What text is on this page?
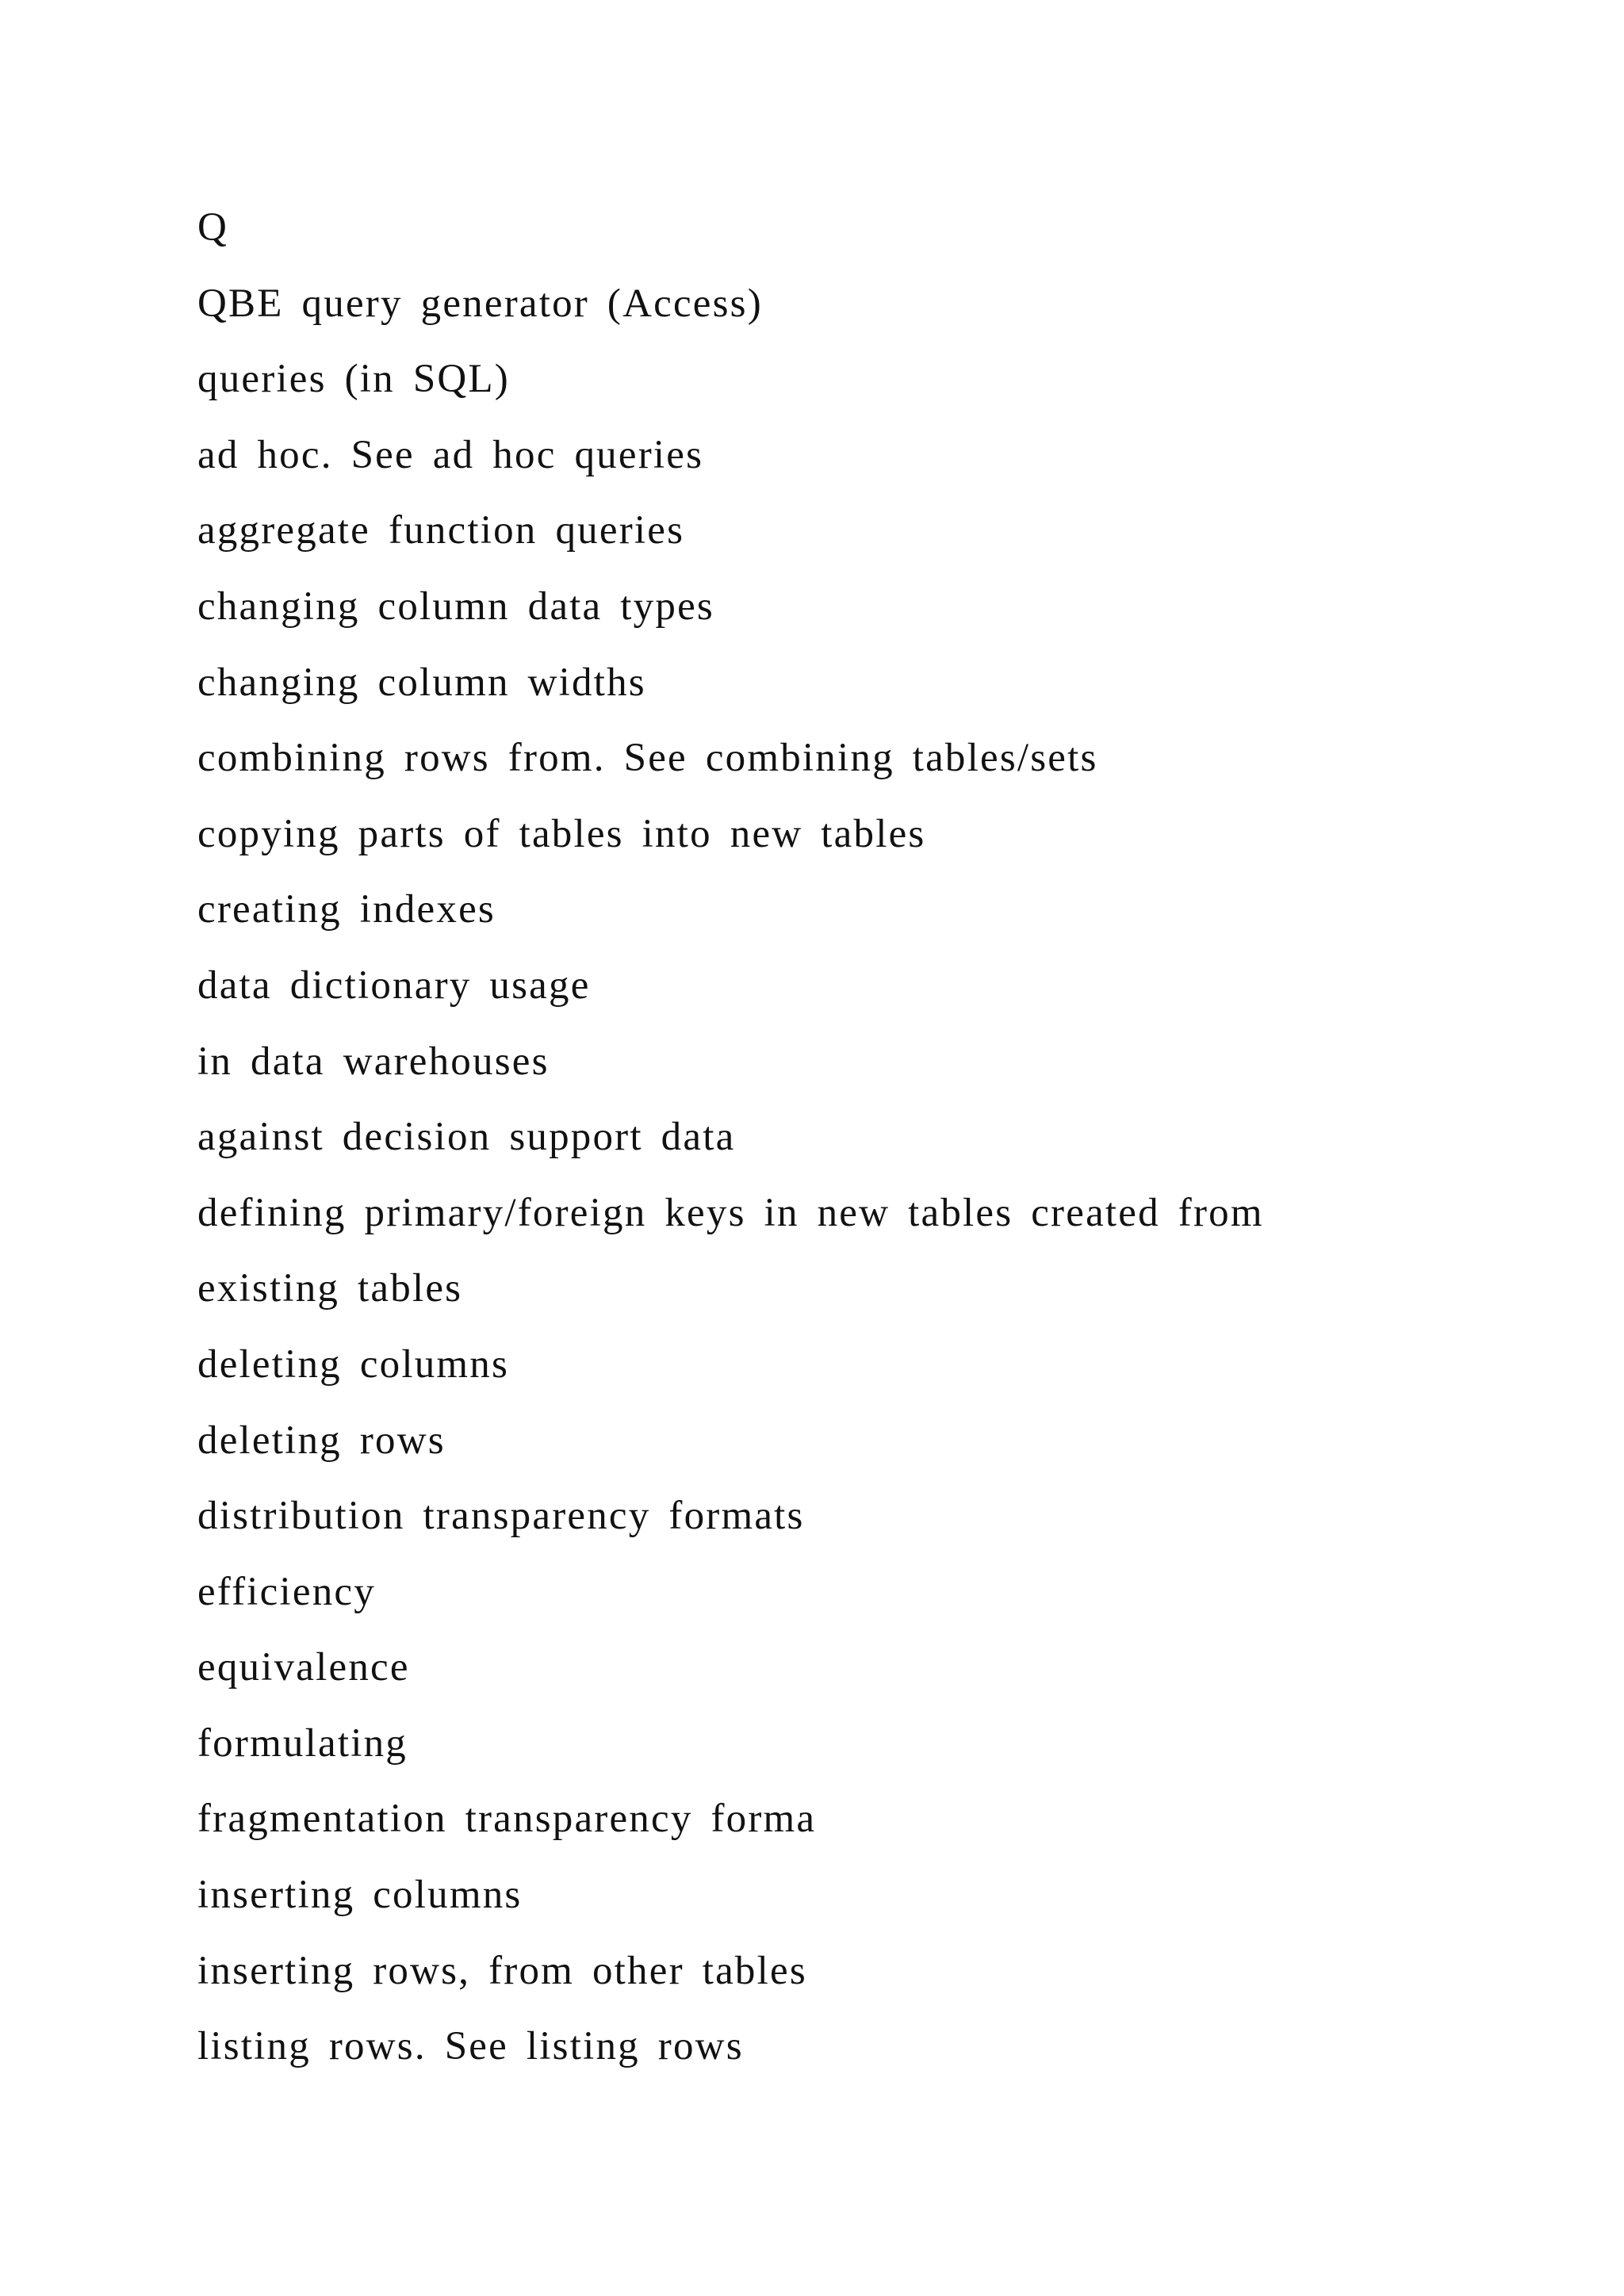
Q
QBE query generator (Access)
queries (in SQL)
ad hoc. See ad hoc queries
aggregate function queries
changing column data types
changing column widths
combining rows from. See combining tables/sets
copying parts of tables into new tables
creating indexes
data dictionary usage
in data warehouses
against decision support data
defining primary/foreign keys in new tables created from
existing tables
deleting columns
deleting rows
distribution transparency formats
efficiency
equivalence
formulating
fragmentation transparency forma
inserting columns
inserting rows, from other tables
listing rows. See listing rows
